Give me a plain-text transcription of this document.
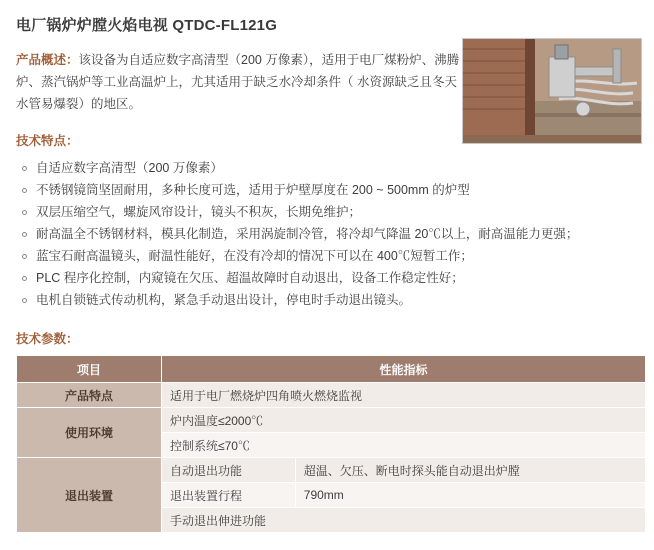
电厂锅炉炉膛火焰电视 QTDC-FL121G

产品概述：该设备为自适应数字高清型（200 万像素），适用于电厂煤粉炉、沸腾炉、蒸汽锅炉等工业高温炉上，尤其适用于缺乏水冷却条件（ 水资源缺乏且冬天水管易爆裂）的地区。

技术特点：
自适应数字高清型（200 万像素）
不锈钢镜筒坚固耐用，多种长度可选，适用于炉壁厚度在 200 ~ 500mm 的炉型
双层压缩空气，螺旋风帘设计，镜头不积灰，长期免维护；
耐高温全不锈钢材料，模具化制造，采用涡旋制冷管，将冷却气降温 20℃以上，耐高温能力更强；
蓝宝石耐高温镜头，耐温性能好，在没有冷却的情况下可以在 400℃短暂工作；
PLC 程序化控制，内窥镜在欠压、超温故障时自动退出，设备工作稳定性好；
电机自锁链式传动机构，紧急手动退出设计，停电时手动退出镜头。
技术参数：
项目	性能指标	
产品特点	适用于电厂燃烧炉四角喷火燃烧监视	
使用环境	炉内温度≤2000℃	
	控制系统≤70℃	
退出装置	自动退出功能	超温、欠压、断电时探头能自动退出炉膛
	退出装置行程	790mm
	手动退出伸进功能	
